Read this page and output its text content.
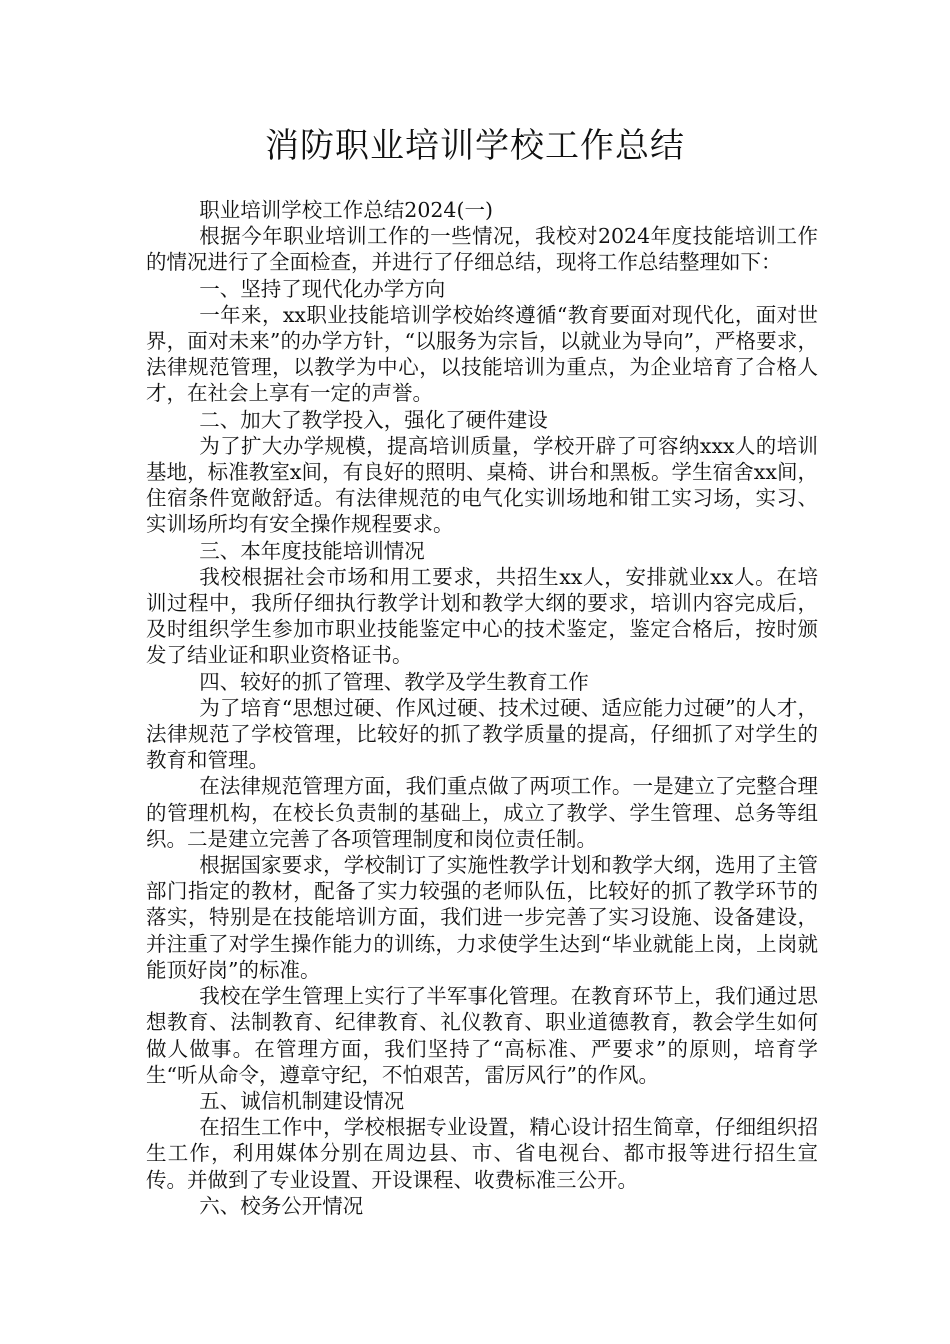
消防职业培训学校工作总结
职业培训学校工作总结2024(一)
根据今年职业培训工作的一些情况，我校对2024年度技能培训工作的情况进行了全面检查，并进行了仔细总结，现将工作总结整理如下：
一、坚持了现代化办学方向
一年来，xx职业技能培训学校始终遵循“教育要面对现代化，面对世界，面对未来”的办学方针，“以服务为宗旨，以就业为导向”，严格要求，法律规范管理，以教学为中心，以技能培训为重点，为企业培育了合格人才，在社会上享有一定的声誉。
二、加大了教学投入，强化了硬件建设
为了扩大办学规模，提高培训质量，学校开辟了可容纳xxx人的培训基地，标准教室x间，有良好的照明、桌椅、讲台和黑板。学生宿舍xx间，住宿条件宽敞舒适。有法律规范的电气化实训场地和钳工实习场，实习、实训场所均有安全操作规程要求。
三、本年度技能培训情况
我校根据社会市场和用工要求，共招生xx人，安排就业xx人。在培训过程中，我所仔细执行教学计划和教学大纲的要求，培训内容完成后，及时组织学生参加市职业技能鉴定中心的技术鉴定，鉴定合格后，按时颁发了结业证和职业资格证书。
四、较好的抓了管理、教学及学生教育工作
为了培育“思想过硬、作风过硬、技术过硬、适应能力过硬”的人才，法律规范了学校管理，比较好的抓了教学质量的提高，仔细抓了对学生的教育和管理。
在法律规范管理方面，我们重点做了两项工作。一是建立了完整合理的管理机构，在校长负责制的基础上，成立了教学、学生管理、总务等组织。二是建立完善了各项管理制度和岗位责任制。
根据国家要求，学校制订了实施性教学计划和教学大纲，选用了主管部门指定的教材，配备了实力较强的老师队伍，比较好的抓了教学环节的落实，特别是在技能培训方面，我们进一步完善了实习设施、设备建设，并注重了对学生操作能力的训练，力求使学生达到“毕业就能上岗，上岗就能顶好岗”的标准。
我校在学生管理上实行了半军事化管理。在教育环节上，我们通过思想教育、法制教育、纪律教育、礼仪教育、职业道德教育，教会学生如何做人做事。在管理方面，我们坚持了“高标准、严要求”的原则，培育学生“听从命令，遵章守纪，不怕艰苦，雷厉风行”的作风。
五、诚信机制建设情况
在招生工作中，学校根据专业设置，精心设计招生简章，仔细组织招生工作，利用媒体分别在周边县、市、省电视台、都市报等进行招生宣传。并做到了专业设置、开设课程、收费标准三公开。
六、校务公开情况
